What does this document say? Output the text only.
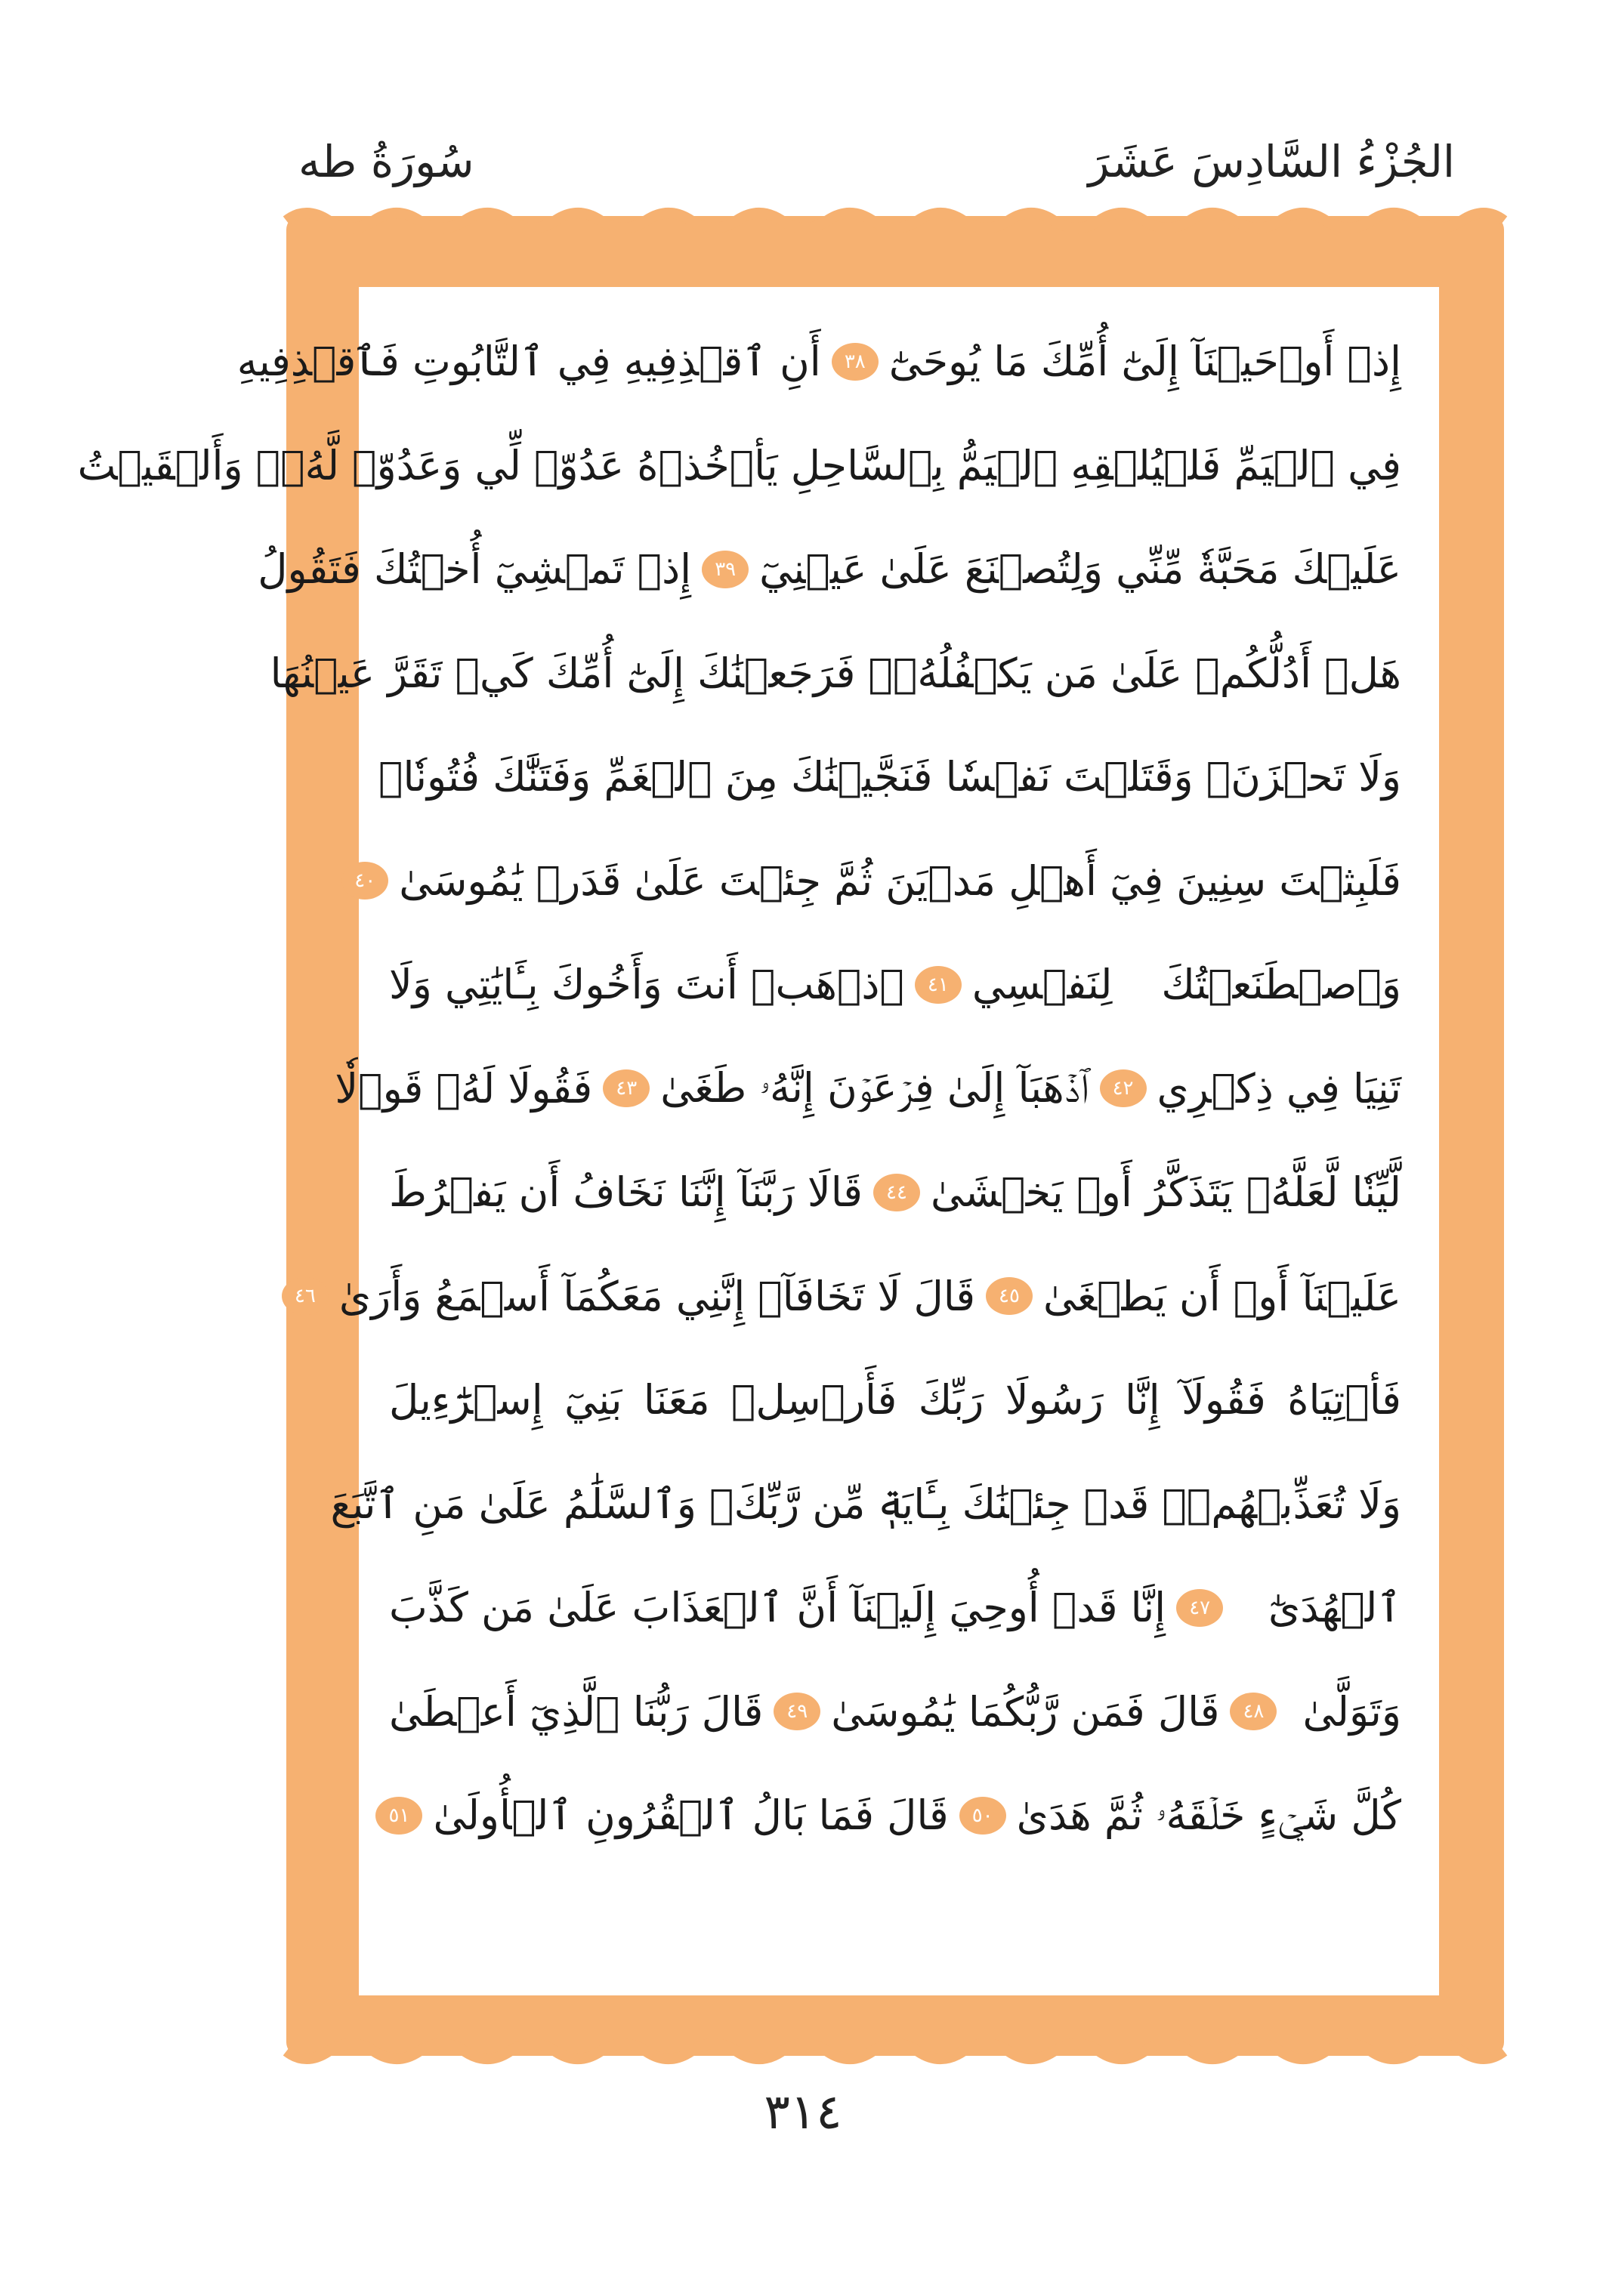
الجُزْءُ السَّادِسَ عَشَرَ
سُورَةُ طه
إِذۡ أَوۡحَيۡنَآ إِلَىٰٓ أُمِّكَ مَا يُوحَىٰٓ
٣٨
أَنِ ٱقۡذِفِيهِ فِي ٱلتَّابُوتِ فَٱقۡذِفِيهِ
فِي ٱلۡيَمِّ فَلۡيُلۡقِهِ ٱلۡيَمُّ بِٱلسَّاحِلِ يَأۡخُذۡهُ عَدُوّٞ لِّي وَعَدُوّٞ لَّهُۥۚ وَأَلۡقَيۡتُ
عَلَيۡكَ مَحَبَّةٗ مِّنِّي وَلِتُصۡنَعَ عَلَىٰ عَيۡنِيٓ
٣٩
إِذۡ تَمۡشِيٓ أُخۡتُكَ فَتَقُولُ
هَلۡ أَدُلُّكُمۡ عَلَىٰ مَن يَكۡفُلُهُۥۖ فَرَجَعۡنَٰكَ إِلَىٰٓ أُمِّكَ كَيۡ تَقَرَّ عَيۡنُهَا
وَلَا تَحۡزَنَۚ وَقَتَلۡتَ نَفۡسٗا فَنَجَّيۡنَٰكَ مِنَ ٱلۡغَمِّ وَفَتَنَّٰكَ فُتُونٗاۚ
فَلَبِثۡتَ سِنِينَ فِيٓ أَهۡلِ مَدۡيَنَ ثُمَّ جِئۡتَ عَلَىٰ قَدَرٖ يَٰمُوسَىٰ
٤٠
وَٱصۡطَنَعۡتُكَ لِنَفۡسِي
٤١
ٱذۡهَبۡ أَنتَ وَأَخُوكَ بِـَٔايَٰتِي وَلَا
تَنِيَا فِي ذِكۡرِي
٤٢
ٱذۡهَبَآ إِلَىٰ فِرۡعَوۡنَ إِنَّهُۥ طَغَىٰ
٤٣
فَقُولَا لَهُۥ قَوۡلٗا
لَّيِّنٗا لَّعَلَّهُۥ يَتَذَكَّرُ أَوۡ يَخۡشَىٰ
٤٤
قَالَا رَبَّنَآ إِنَّنَا نَخَافُ أَن يَفۡرُطَ
عَلَيۡنَآ أَوۡ أَن يَطۡغَىٰ
٤٥
قَالَ لَا تَخَافَآۖ إِنَّنِي مَعَكُمَآ أَسۡمَعُ وَأَرَىٰ
٤٦
فَأۡتِيَاهُ فَقُولَآ إِنَّا رَسُولَا رَبِّكَ فَأَرۡسِلۡ مَعَنَا بَنِيٓ إِسۡرَٰٓءِيلَ
وَلَا تُعَذِّبۡهُمۡۖ قَدۡ جِئۡنَٰكَ بِـَٔايَةٖ مِّن رَّبِّكَۖ وَٱلسَّلَٰمُ عَلَىٰ مَنِ ٱتَّبَعَ
ٱلۡهُدَىٰٓ
٤٧
إِنَّا قَدۡ أُوحِيَ إِلَيۡنَآ أَنَّ ٱلۡعَذَابَ عَلَىٰ مَن كَذَّبَ
وَتَوَلَّىٰ
٤٨
قَالَ فَمَن رَّبُّكُمَا يَٰمُوسَىٰ
٤٩
قَالَ رَبُّنَا ٱلَّذِيٓ أَعۡطَىٰ
كُلَّ شَيۡءٍ خَلۡقَهُۥ ثُمَّ هَدَىٰ
٥٠
قَالَ فَمَا بَالُ ٱلۡقُرُونِ ٱلۡأُولَىٰ
٥١
٣١٤
